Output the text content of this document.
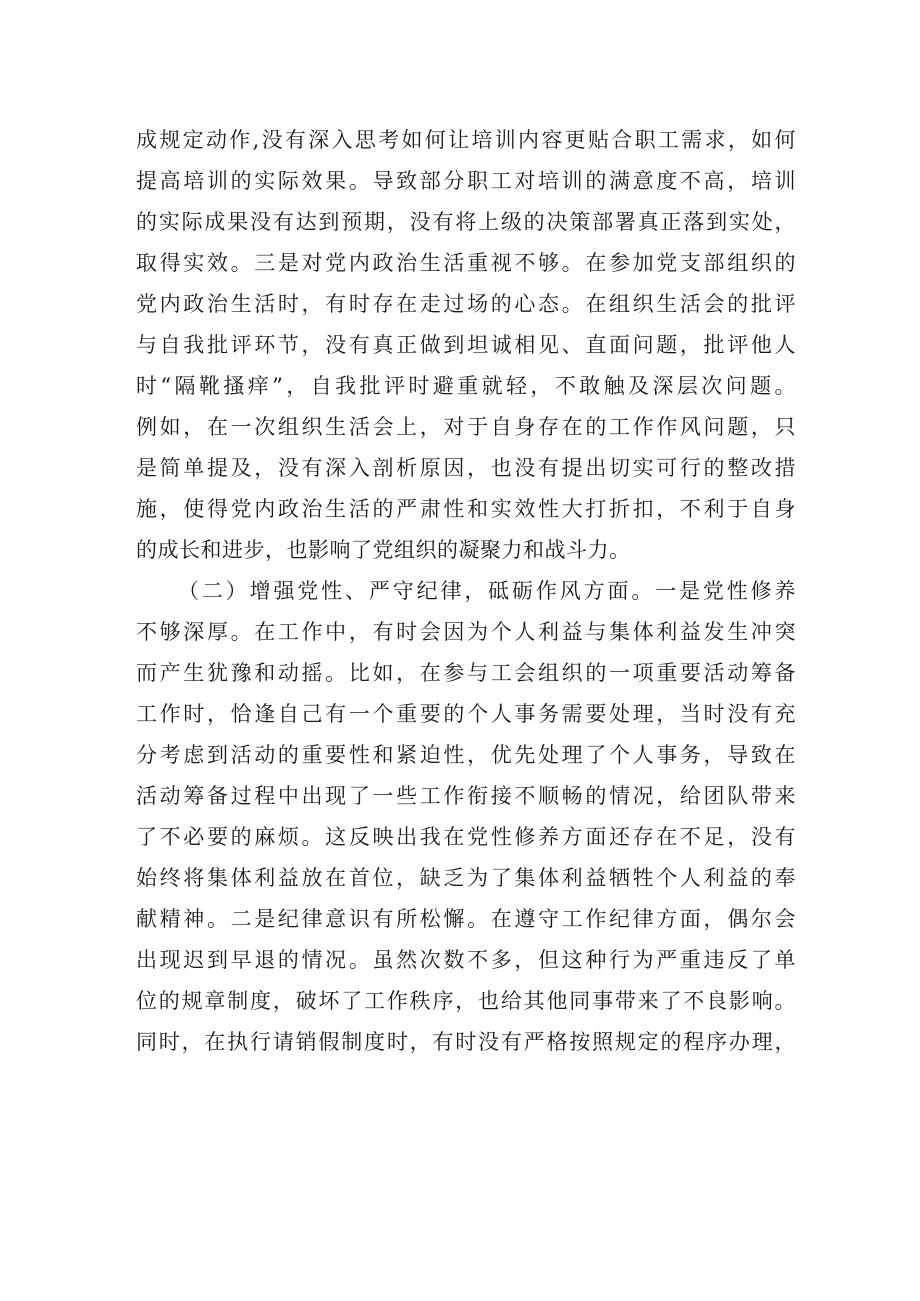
成规定动作,没有深入思考如何让培训内容更贴合职工需求，如何
提高培训的实际效果。导致部分职工对培训的满意度不高，培训
的实际成果没有达到预期，没有将上级的决策部署真正落到实处，
取得实效。三是对党内政治生活重视不够。在参加党支部组织的
党内政治生活时，有时存在走过场的心态。在组织生活会的批评
与自我批评环节，没有真正做到坦诚相见、直面问题，批评他人
时“隔靴搔痒”，自我批评时避重就轻，不敢触及深层次问题。
例如，在一次组织生活会上，对于自身存在的工作作风问题，只
是简单提及，没有深入剖析原因，也没有提出切实可行的整改措
施，使得党内政治生活的严肃性和实效性大打折扣，不利于自身
的成长和进步，也影响了党组织的凝聚力和战斗力。
（二）增强党性、严守纪律，砥砺作风方面。一是党性修养
不够深厚。在工作中，有时会因为个人利益与集体利益发生冲突
而产生犹豫和动摇。比如，在参与工会组织的一项重要活动筹备
工作时，恰逢自己有一个重要的个人事务需要处理，当时没有充
分考虑到活动的重要性和紧迫性，优先处理了个人事务，导致在
活动筹备过程中出现了一些工作衔接不顺畅的情况，给团队带来
了不必要的麻烦。这反映出我在党性修养方面还存在不足，没有
始终将集体利益放在首位，缺乏为了集体利益牺牲个人利益的奉
献精神。二是纪律意识有所松懈。在遵守工作纪律方面，偶尔会
出现迟到早退的情况。虽然次数不多，但这种行为严重违反了单
位的规章制度，破坏了工作秩序，也给其他同事带来了不良影响。
同时，在执行请销假制度时，有时没有严格按照规定的程序办理，
